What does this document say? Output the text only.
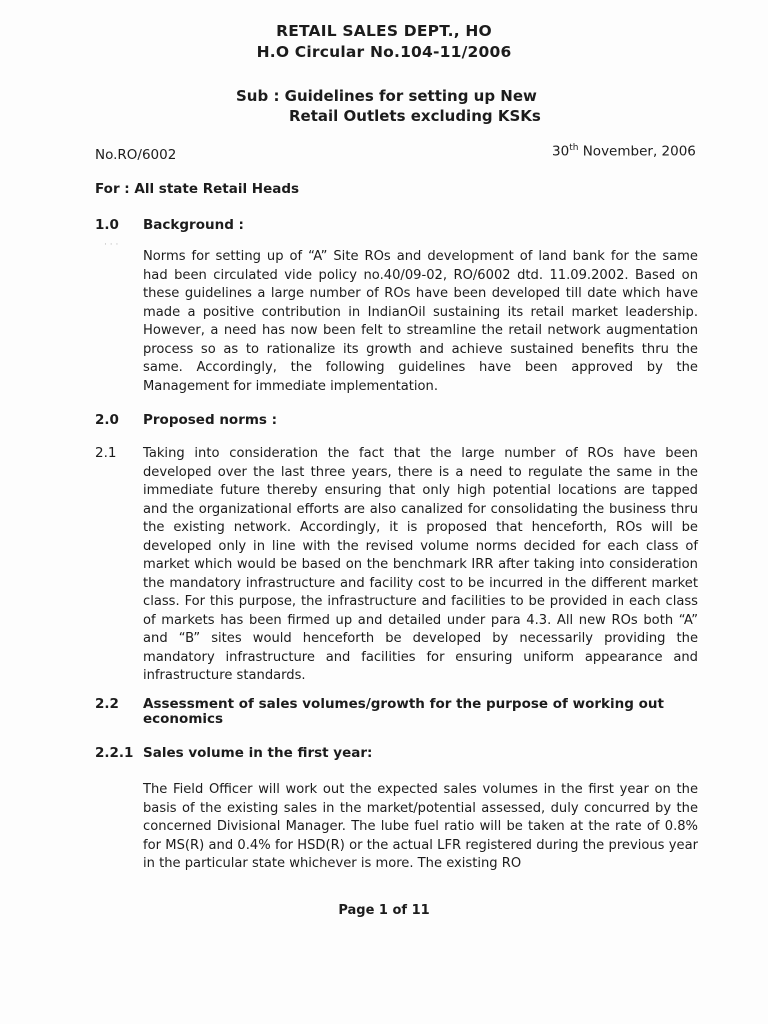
RETAIL SALES DEPT., HO
H.O Circular No.104-11/2006
Sub : Guidelines for setting up New
Retail Outlets excluding KSKs
No.RO/6002	30th November, 2006
For : All state Retail Heads
1.0 Background :
· · ·

Norms for setting up of “A” Site ROs and development of land bank for the same had been circulated vide policy no.40/09-02, RO/6002 dtd. 11.09.2002. Based on these guidelines a large number of ROs have been developed till date which have made a positive contribution in IndianOil sustaining its retail market leadership. However, a need has now been felt to streamline the retail network augmentation process so as to rationalize its growth and achieve sustained benefits thru the same. Accordingly, the following guidelines have been approved by the Management for immediate implementation.

2.0 Proposed norms :
2.1 Taking into consideration the fact that the large number of ROs have been developed over the last three years, there is a need to regulate the same in the immediate future thereby ensuring that only high potential locations are tapped and the organizational efforts are also canalized for consolidating the business thru the existing network. Accordingly, it is proposed that henceforth, ROs will be developed only in line with the revised volume norms decided for each class of market which would be based on the benchmark IRR after taking into consideration the mandatory infrastructure and facility cost to be incurred in the different market class. For this purpose, the infrastructure and facilities to be provided in each class of markets has been firmed up and detailed under para 4.3. All new ROs both “A” and “B” sites would henceforth be developed by necessarily providing the mandatory infrastructure and facilities for ensuring uniform appearance and infrastructure standards.

2.2 Assessment of sales volumes/growth for the purpose of working out
economics
2.2.1 Sales volume in the first year:

The Field Officer will work out the expected sales volumes in the first year on the basis of the existing sales in the market/potential assessed, duly concurred by the concerned Divisional Manager. The lube fuel ratio will be taken at the rate of 0.8% for MS(R) and 0.4% for HSD(R) or the actual LFR registered during the previous year in the particular state whichever is more. The existing RO

Page 1 of 11
